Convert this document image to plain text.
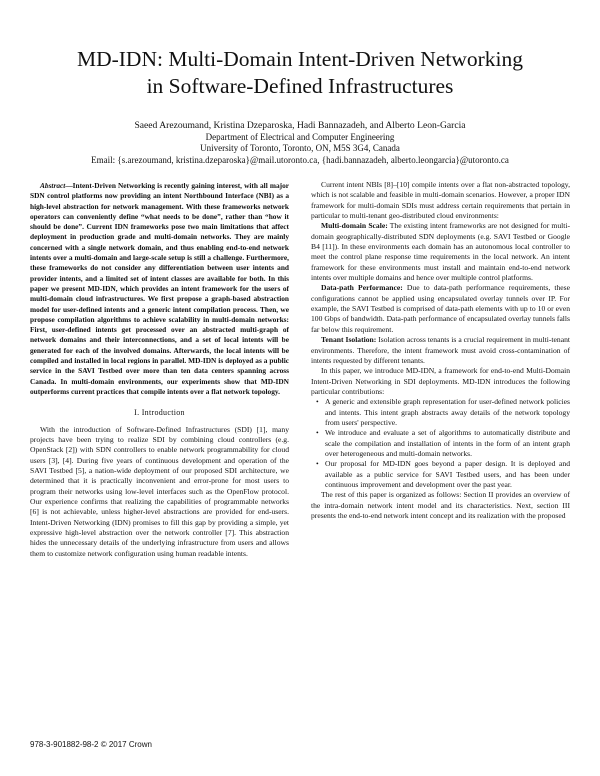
MD-IDN: Multi-Domain Intent-Driven Networking
in Software-Defined Infrastructures
Saeed Arezoumand, Kristina Dzeparoska, Hadi Bannazadeh, and Alberto Leon-Garcia
Department of Electrical and Computer Engineering
University of Toronto, Toronto, ON, M5S 3G4, Canada
Email: {s.arezoumand, kristina.dzeparoska}@mail.utoronto.ca, {hadi.bannazadeh, alberto.leongarcia}@utoronto.ca

Abstract—Intent-Driven Networking is recently gaining interest, with all major SDN control platforms now providing an intent Northbound Interface (NBI) as a high-level abstraction for network management. With these frameworks network operators can conveniently define “what needs to be done”, rather than “how it should be done”. Current IDN frameworks pose two main limitations that affect deployment in production grade and multi-domain networks. They are mainly concerned with a single network domain, and thus enabling end-to-end network intents over a multi-domain and large-scale setup is still a challenge. Furthermore, these frameworks do not consider any differentiation between user intents and provider intents, and a limited set of intent classes are available for both. In this paper we present MD-IDN, which provides an intent framework for the users of multi-domain cloud infrastructures. We first propose a graph-based abstraction model for user-defined intents and a generic intent compilation process. Then, we propose compilation algorithms to achieve scalability in multi-domain networks: First, user-defined intents get processed over an abstracted multi-graph of network domains and their interconnections, and a set of local intents will be generated for each of the involved domains. Afterwards, the local intents will be compiled and installed in local regions in parallel. MD-IDN is deployed as a public service in the SAVI Testbed over more than ten data centers spanning across Canada. In multi-domain environments, our experiments show that MD-IDN outperforms current practices that compile intents over a flat network topology.

I. Introduction

With the introduction of Software-Defined Infrastructures (SDI) [1], many projects have been trying to realize SDI by combining cloud controllers (e.g. OpenStack [2]) with SDN controllers to enable network programmability for cloud users [3], [4]. During five years of continuous development and operation of the SAVI Testbed [5], a nation-wide deployment of our proposed SDI architecture, we determined that it is practically inconvenient and error-prone for most users to program their networks using low-level interfaces such as the OpenFlow protocol. Our experience confirms that realizing the capabilities of programmable networks [6] is not achievable, unless higher-level abstractions are provided for end-users. Intent-Driven Networking (IDN) promises to fill this gap by providing a simple, yet expressive high-level abstraction over the network controller [7]. This abstraction hides the unnecessary details of the underlying infrastructure from users and allows them to customize network configuration using human readable intents.

Current intent NBIs [8]–[10] compile intents over a flat non-abstracted topology, which is not scalable and feasible in multi-domain scenarios. However, a proper IDN framework for multi-domain SDIs must address certain requirements that pertain in particular to multi-tenant geo-distributed cloud environments:

Multi-domain Scale: The existing intent frameworks are not designed for multi-domain geographically-distributed SDN deployments (e.g. SAVI Testbed or Google B4 [11]). In these environments each domain has an autonomous local controller to meet the control plane response time requirements in the local network. An intent framework for these environments must install and maintain end-to-end network intents over multiple domains and hence over multiple control platforms.

Data-path Performance: Due to data-path performance requirements, these configurations cannot be applied using encapsulated overlay tunnels over IP. For example, the SAVI Testbed is comprised of data-path elements with up to 10 or even 100 Gbps of bandwidth. Data-path performance of encapsulated overlay tunnels falls far below this requirement.

Tenant Isolation: Isolation across tenants is a crucial requirement in multi-tenant environments. Therefore, the intent framework must avoid cross-contamination of intents requested by different tenants.

In this paper, we introduce MD-IDN, a framework for end-to-end Multi-Domain Intent-Driven Networking in SDI deployments. MD-IDN introduces the following particular contributions:

• A generic and extensible graph representation for user-defined network policies and intents. This intent graph abstracts away details of the network topology from users' perspective.
• We introduce and evaluate a set of algorithms to automatically distribute and scale the compilation and installation of intents in the form of an intent graph over heterogeneous and multi-domain networks.
• Our proposal for MD-IDN goes beyond a paper design. It is deployed and available as a public service for SAVI Testbed users, and has been under continuous improvement and development over the past year.

The rest of this paper is organized as follows: Section II provides an overview of the intra-domain network intent model and its characteristics. Next, section III presents the end-to-end network intent concept and its realization with the proposed

978-3-901882-98-2 © 2017 Crown
